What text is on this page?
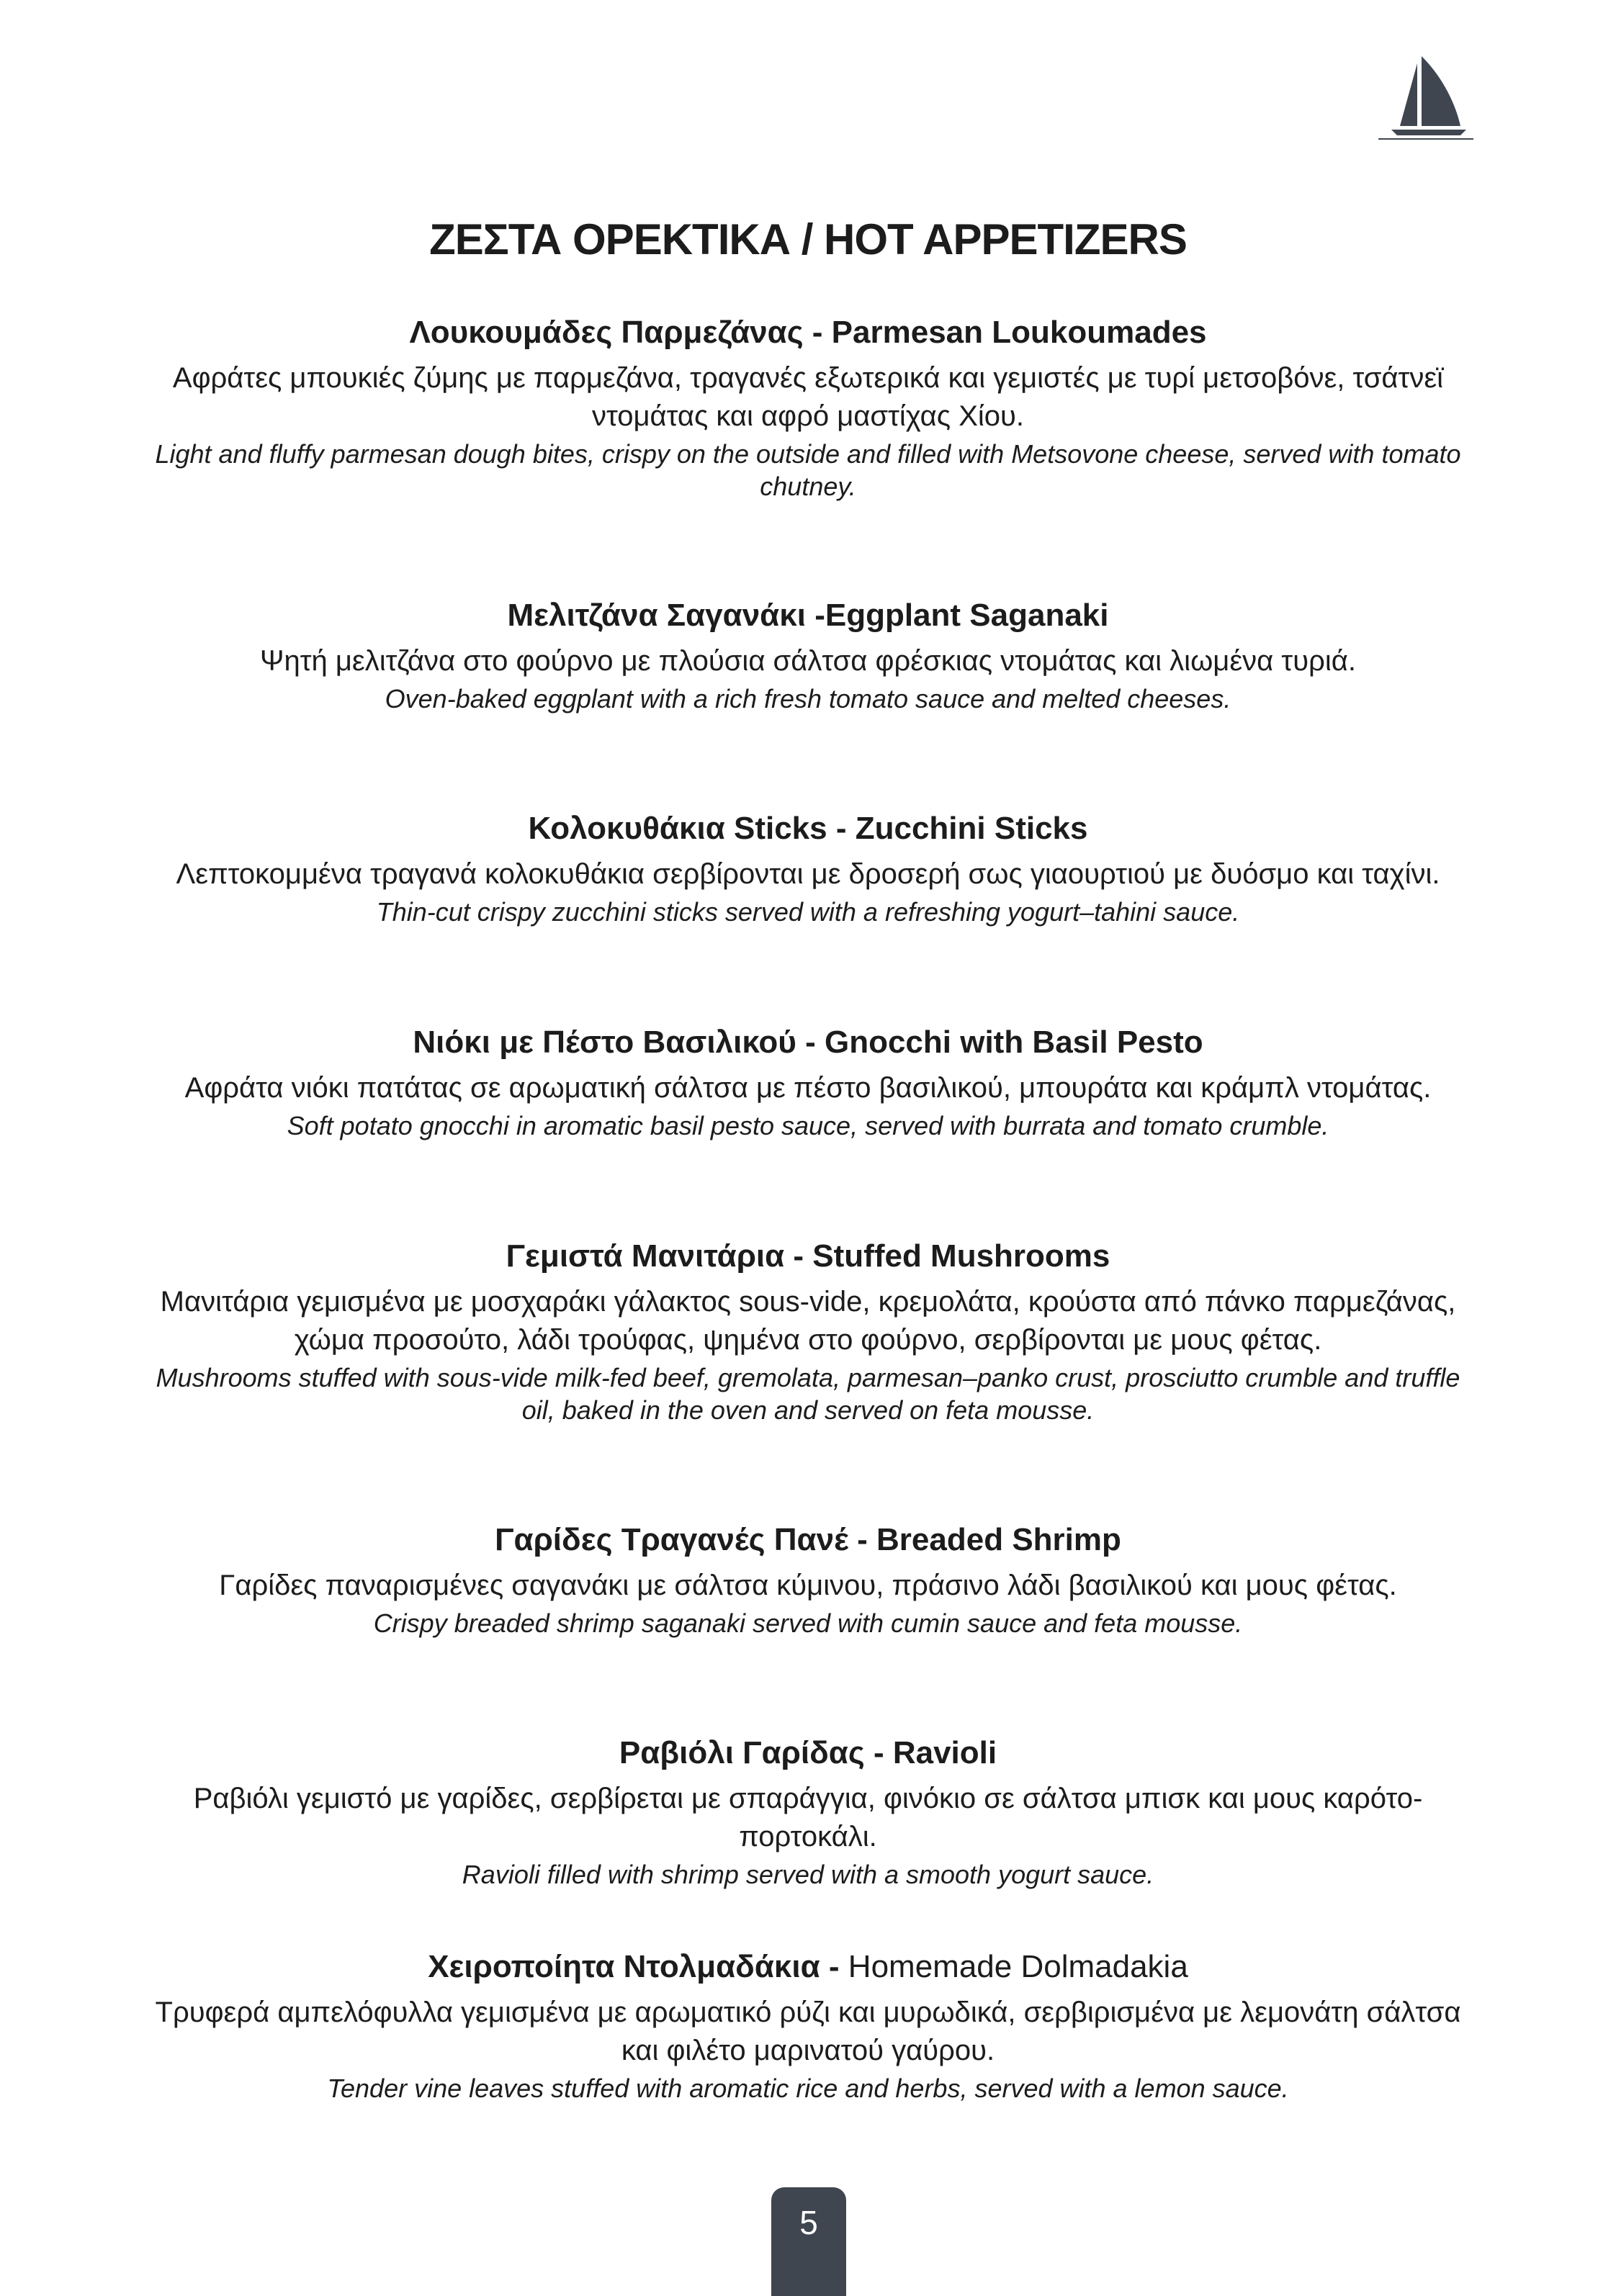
ΖΕΣΤΑ ΟΡΕΚΤΙΚΑ / HOT APPETIZERS
Λουκουμάδες Παρμεζάνας - Parmesan Loukoumades
Αφράτες μπουκιές ζύμης με παρμεζάνα, τραγανές εξωτερικά και γεμιστές με τυρί μετσοβόνε, τσάτνεϊ ντομάτας και αφρό μαστίχας Χίου.
Light and fluffy parmesan dough bites, crispy on the outside and filled with Metsovone cheese, served with tomato chutney.
Μελιτζάνα Σαγανάκι -Eggplant Saganaki
Ψητή μελιτζάνα στο φούρνο με πλούσια σάλτσα φρέσκιας ντομάτας και λιωμένα τυριά.
Oven-baked eggplant with a rich fresh tomato sauce and melted cheeses.
Κολοκυθάκια Sticks - Zucchini Sticks
Λεπτοκομμένα τραγανά κολοκυθάκια σερβίρονται με δροσερή σως γιαουρτιού με δυόσμο και ταχίνι.
Thin-cut crispy zucchini sticks served with a refreshing yogurt–tahini sauce.
Νιόκι με Πέστο Βασιλικού - Gnocchi with Basil Pesto
Αφράτα νιόκι πατάτας σε αρωματική σάλτσα με πέστο βασιλικού, μπουράτα και κράμπλ ντομάτας.
Soft potato gnocchi in aromatic basil pesto sauce, served with burrata and tomato crumble.
Γεμιστά Μανιτάρια - Stuffed Mushrooms
Μανιτάρια γεμισμένα με μοσχαράκι γάλακτος sous-vide, κρεμολάτα, κρούστα από πάνκο παρμεζάνας, χώμα προσούτο, λάδι τρούφας, ψημένα στο φούρνο, σερβίρονται με μους φέτας.
Mushrooms stuffed with sous-vide milk-fed beef, gremolata, parmesan–panko crust, prosciutto crumble and truffle oil, baked in the oven and served on feta mousse.
Γαρίδες Τραγανές Πανέ - Breaded Shrimp
Γαρίδες παναρισμένες σαγανάκι με σάλτσα κύμινου, πράσινο λάδι βασιλικού και μους φέτας.
Crispy breaded shrimp saganaki served with cumin sauce and feta mousse.
Ραβιόλι Γαρίδας - Ravioli
Ραβιόλι γεμιστό με γαρίδες, σερβίρεται με σπαράγγια, φινόκιο σε σάλτσα μπισκ και μους καρότο-πορτοκάλι.
Ravioli filled with shrimp served with a smooth yogurt sauce.
Χειροποίητα Ντολμαδάκια - Homemade Dolmadakia
Τρυφερά αμπελόφυλλα γεμισμένα με αρωματικό ρύζι και μυρωδικά, σερβιρισμένα με λεμονάτη σάλτσα και φιλέτο μαρινατού γαύρου.
Tender vine leaves stuffed with aromatic rice and herbs, served with a lemon sauce.
5
